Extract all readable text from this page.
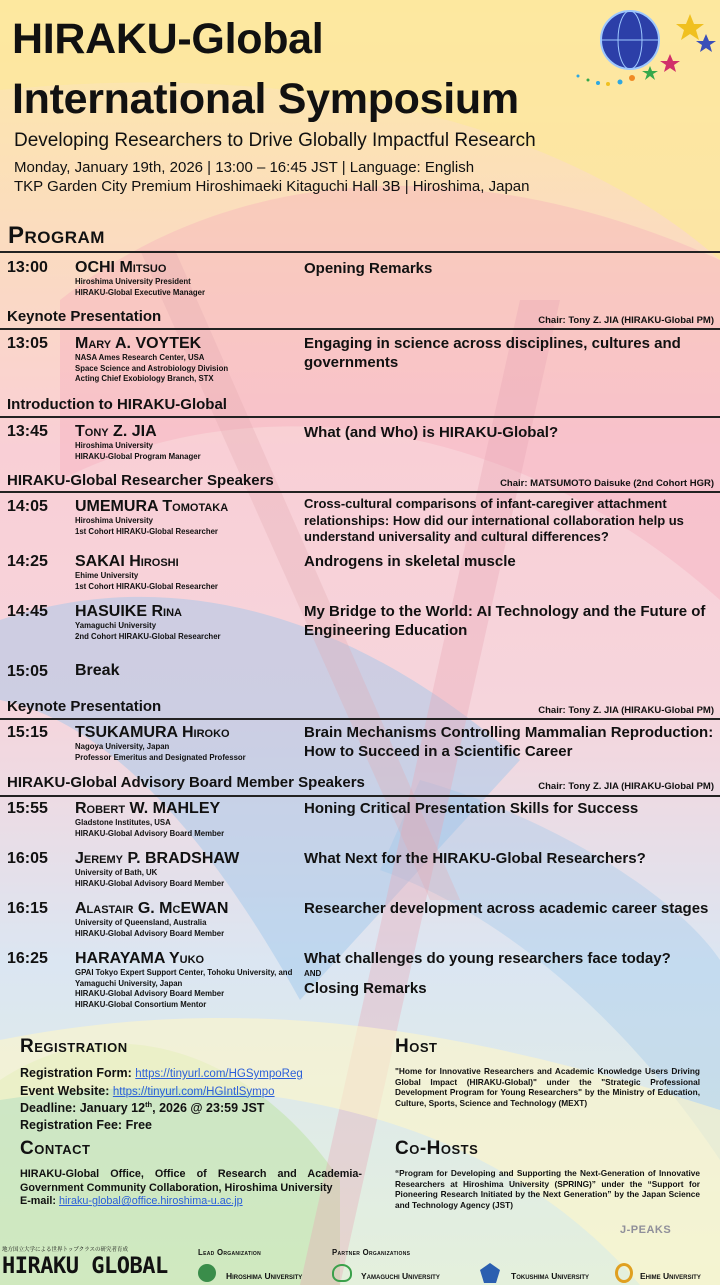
HIRAKU-Global
International Symposium
Developing Researchers to Drive Globally Impactful Research
Monday, January 19th, 2026 | 13:00 – 16:45 JST | Language: English
TKP Garden City Premium Hiroshimaeki Kitaguchi Hall 3B | Hiroshima, Japan
Program
13:00 OCHI Mitsuo
Hiroshima University President
HIRAKU-Global Executive Manager
Opening Remarks
Keynote Presentation	Chair: Tony Z. JIA (HIRAKU-Global PM)
13:05 Mary A. VOYTEK
NASA Ames Research Center, USA
Space Science and Astrobiology Division
Acting Chief Exobiology Branch, STX
Engaging in science across disciplines, cultures and governments
Introduction to HIRAKU-Global
13:45 Tony Z. JIA
Hiroshima University
HIRAKU-Global Program Manager
What (and Who) is HIRAKU-Global?
HIRAKU-Global Researcher Speakers	Chair: MATSUMOTO Daisuke (2nd Cohort HGR)
14:05 UMEMURA Tomotaka
Hiroshima University
1st Cohort HIRAKU-Global Researcher
Cross-cultural comparisons of infant-caregiver attachment relationships: How did our international collaboration help us understand universality and cultural differences?
14:25 SAKAI Hiroshi
Ehime University
1st Cohort HIRAKU-Global Researcher
Androgens in skeletal muscle
14:45 HASUIKE Rina
Yamaguchi University
2nd Cohort HIRAKU-Global Researcher
My Bridge to the World: AI Technology and the Future of Engineering Education
15:05 Break
Keynote Presentation	Chair: Tony Z. JIA (HIRAKU-Global PM)
15:15 TSUKAMURA Hiroko
Nagoya University, Japan
Professor Emeritus and Designated Professor
Brain Mechanisms Controlling Mammalian Reproduction: How to Succeed in a Scientific Career
HIRAKU-Global Advisory Board Member Speakers	Chair: Tony Z. JIA (HIRAKU-Global PM)
15:55 Robert W. MAHLEY
Gladstone Institutes, USA
HIRAKU-Global Advisory Board Member
Honing Critical Presentation Skills for Success
16:05 Jeremy P. BRADSHAW
University of Bath, UK
HIRAKU-Global Advisory Board Member
What Next for the HIRAKU-Global Researchers?
16:15 Alastair G. McEWAN
University of Queensland, Australia
HIRAKU-Global Advisory Board Member
Researcher development across academic career stages
16:25 HARAYAMA Yuko
GPAI Tokyo Expert Support Center, Tohoku University, and Yamaguchi University, Japan
HIRAKU-Global Advisory Board Member
HIRAKU-Global Consortium Mentor
What challenges do young researchers face today?
AND
Closing Remarks
Registration
Registration Form: https://tinyurl.com/HGSympoReg
Event Website: https://tinyurl.com/HGIntlSympo
Deadline: January 12th, 2026 @ 23:59 JST
Registration Fee: Free
Contact
HIRAKU-Global Office, Office of Research and Academia-Government Community Collaboration, Hiroshima University
E-mail: hiraku-global@office.hiroshima-u.ac.jp
Host
"Home for Innovative Researchers and Academic Knowledge Users Driving Global Impact (HIRAKU-Global)" under the "Strategic Professional Development Program for Young Researchers" by the Ministry of Education, Culture, Sports, Science and Technology (MEXT)
Co-Hosts
“Program for Developing and Supporting the Next-Generation of Innovative Researchers at Hiroshima University (SPRING)” under the “Support for Pioneering Research Initiated by the Next Generation” by the Japan Science and Technology Agency (JST)
J-PEAKS
地方国立大学による世界トップクラスの研究者育成
HIRAKU GLOBAL
Lead Organization
Hiroshima University
Partner Organizations
Yamaguchi University	Tokushima University	Ehime University
